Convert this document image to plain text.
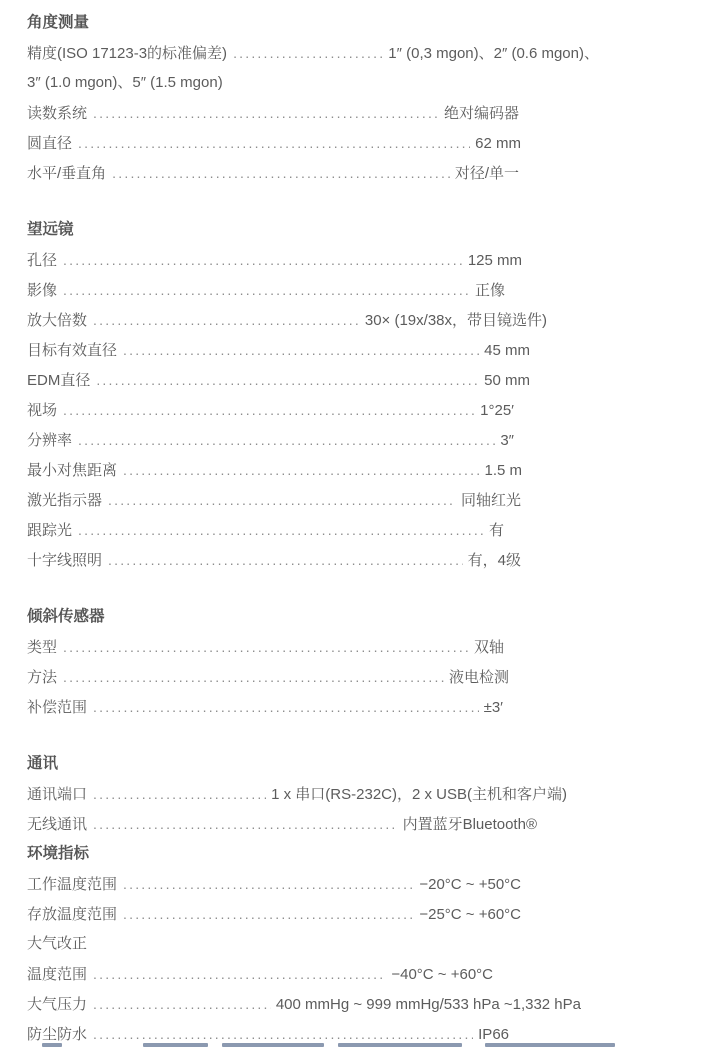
角度测量
精度(ISO 17123-3的标准偏差) .....	1″ (0,3 mgon)、2″ (0.6 mgon)、
3″ (1.0 mgon)、5″ (1.5 mgon)
读数系统 .....	绝对编码器
圆直径 .....	62 mm
水平/垂直角 .....	对径/单一
望远镜
孔径 .....	125 mm
影像 .....	正像
放大倍数 .....	30× (19x/38x，带目镜选件)
目标有效直径 .....	45 mm
EDM直径 .....	50 mm
视场 .....	1°25′
分辨率 .....	3″
最小对焦距离 .....	1.5 m
激光指示器 .....	同轴红光
跟踪光 .....	有
十字线照明 .....	有，4级
倾斜传感器
类型 .....	双轴
方法 .....	液电检测
补偿范围 .....	±3′
通讯
通讯端口 .....	1 x 串口(RS-232C)，2 x USB(主机和客户端)
无线通讯 .....	内置蓝牙Bluetooth®
环境指标
工作温度范围 .....	−20°C ~ +50°C
存放温度范围 .....	−25°C ~ +60°C
大气改正
温度范围 .....	−40°C ~ +60°C
大气压力 .....	400 mmHg ~ 999 mmHg/533 hPa ~1,332 hPa
防尘防水 .....	IP66
